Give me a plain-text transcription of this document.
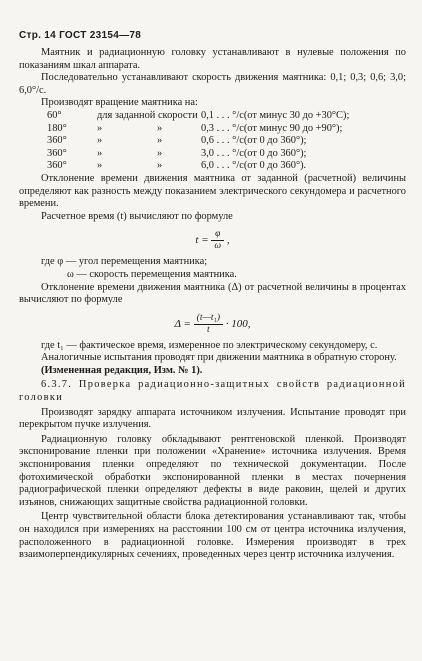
Стр. 14 ГОСТ 23154—78

Маятник и радиационную головку устанавливают в нулевые положения по показаниям шкал аппарата.

Последовательно устанавливают скорость движения маятника: 0,1; 0,3; 0,6; 3,0; 6,0°/с.

Производят вращение маятника на:

60°	для заданной скорости		0,1 . . . °/с	(от минус 30 до +30°C);
180°	»	»	0,3 . . . °/с	(от минус 90 до +90°);
360°	»	»	0,6 . . . °/с	(от 0 до 360°);
360°	»	»	3,0 . . . °/с	(от 0 до 360°);
360°	»	»	6,0 . . . °/с	(от 0 до 360°).

Отклонение времени движения маятника от заданной (расчетной) величины определяют как разность между показанием электрического секундомера и расчетного времени.

Расчетное время (t) вычисляют по формуле

$t = \frac{\varphi}{\omega}$ ,

где φ — угол перемещения маятника;

ω — скорость перемещения маятника.

Отклонение времени движения маятника (Δ) от расчетной величины в процентах вычисляют по формуле

$\Delta = \frac{\text{(t—t₁)}}{t} \cdot 100$,

где t₁ — фактическое время, измеренное по электрическому секундомеру, с.

Аналогичные испытания проводят при движении маятника в обратную сторону.

(Измененная редакция, Изм. № 1).

6.3.7. Проверка радиационно-защитных свойств радиационной головки

Производят зарядку аппарата источником излучения. Испытание проводят при перекрытом пучке излучения.

Радиационную головку обкладывают рентгеновской пленкой. Производят экспонирование пленки при положении «Хранение» источника излучения. Время экспонирования пленки определяют по технической документации. После фотохимической обработки экспонированной пленки в местах почернения радиографической пленки определяют дефекты в виде раковин, щелей и других изъянов, снижающих защитные свойства радиационной головки.

Центр чувствительной области блока детектирования устанавливают так, чтобы он находился при измерениях на расстоянии 100 см от центра источника излучения, расположенного в радиационной головке. Измерения производят в трех взаимоперпендикулярных сечениях, проведенных через центр источника излучения.
